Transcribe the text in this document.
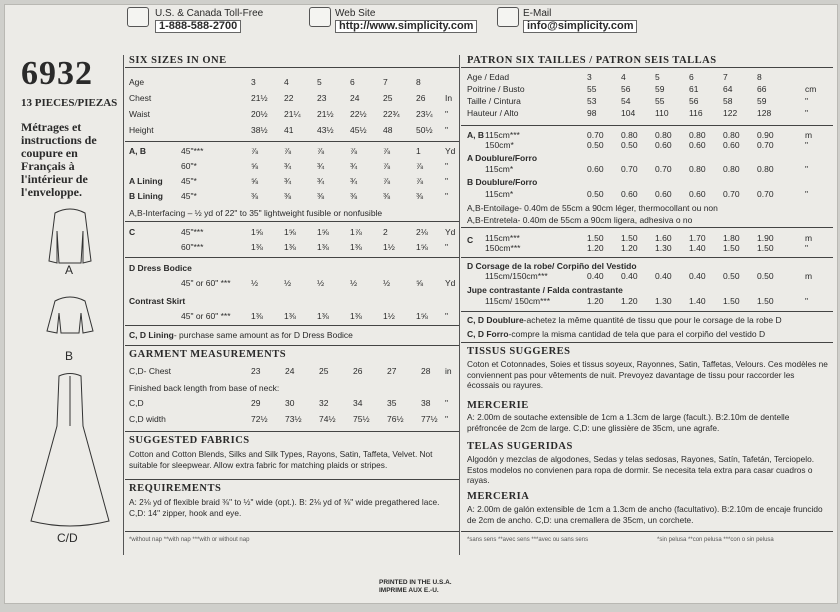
U.S. & Canada Toll-Free
1-888-588-2700
Web Site
http://www.simplicity.com
E-Mail
info@simplicity.com
6932
13 PIECES/PIEZAS
Métrages et instructions de coupure en Français à l'intérieur de l'enveloppe.
A
B
C/D
SIX SIZES IN ONE
A,B-Interfacing – ½ yd of 22" to 35" lightweight fusible or nonfusible
D Dress Bodice
Contrast Skirt
C, D Lining- purchase same amount as for D Dress Bodice
GARMENT MEASUREMENTS
Finished back length from base of neck:
SUGGESTED FABRICS
Cotton and Cotton Blends, Silks and Silk Types, Rayons, Satin, Taffeta, Velvet. Not suitable for sleepwear. Allow extra fabric for matching plaids or stripes.
REQUIREMENTS
A: 2⅛ yd of flexible braid ⅜" to ½" wide (opt.). B: 2⅛ yd of ⅜" wide pregathered lace. C,D: 14" zipper, hook and eye.
*without nap **with nap ***with or without nap
PATRON SIX TAILLES / PATRON SEIS TALLAS
A, B
A Doublure/Forro
B Doublure/Forro
A,B-Entoilage- 0.40m de 55cm a 90cm léger, thermocollant ou non
A,B-Entretela- 0.40m de 55cm a 90cm ligera, adhesiva o no
C
D Corsage de la robe/ Corpiño del Vestido
Jupe contrastante / Falda contrastante
C, D Doublure-achetez la même quantité de tissu que pour le corsage de la robe D
C, D Forro-compre la misma cantidad de tela que para el corpiño del vestido D
TISSUS SUGGERES
Coton et Cotonnades, Soies et tissus soyeux, Rayonnes, Satin, Taffetas, Velours. Ces modèles ne conviennent pas pour vêtements de nuit. Prevoyez davantage de tissu pour raccorder les écossais ou rayures.
MERCERIE
A: 2.00m de soutache extensible de 1cm a 1.3cm de large (facult.). B:2.10m de dentelle préfroncée de 2cm de large. C,D: une glissière de 35cm, une agrafe.
TELAS SUGERIDAS
Algodón y mezclas de algodones, Sedas y telas sedosas, Rayones, Satín, Tafetán, Terciopelo. Estos modelos no convienen para ropa de dormir. Se necesita tela extra para casar cuadros o rayas.
MERCERIA
A: 2.00m de galón extensible de 1cm a 1.3cm de ancho (facultativo). B:2.10m de encaje fruncido de 2cm de ancho. C,D: una cremallera de 35cm, un corchete.
*sans sens **avec sens ***avec ou sans sens	*sin pelusa **con pelusa ***con o sin pelusa
PRINTED IN THE U.S.A.
IMPRIME AUX E.-U.
Age	3	4	5	6	7	8
Chest	21½ 22	23	24	25	26 In
Waist	20½ 21¼ 21½ 22½ 22¾ 23¼ "
Height	38½ 41	43½ 45½ 48	50½ "
A, B	45"***	⅞	⅞	⅞	⅞	⅞	1	Yd
60"*	⅝	¾	¾	¾	⅞	⅞	"
A Lining 45"*	⅝	¾	¾	¾	⅞	⅞	"
B Lining 45"*	⅜	⅜	⅜	⅜	⅜	⅜	"
C	45"***	1⅝ 1⅝ 1⅝ 1⅞ 2	2⅛ Yd
60"***	1⅜ 1⅜ 1⅜ 1⅜ 1½ 1⅝ "
45" or 60" *** ½	½	½	½	½	⅝	Yd
45" or 60" *** 1⅜ 1⅜ 1⅜ 1⅜ 1½ 1⅝ "
C,D- Chest	23	24	25	26	27	28 in
C,D	29	30	32	34	35	38 "
C,D width	72½ 73½ 74½ 75½ 76½ 77½ "
Age / Edad	3	4	5	6	7	8
Poitrine / Busto	55	56	59	61	64	66	cm
Taille / Cintura	53	54	55	56	58	59	"
Hauteur / Alto	98	104 110 116 122 128	"
115cm***	0.70 0.80 0.80 0.80 0.80 0.90	m
150cm*	0.50 0.50 0.60 0.60 0.60 0.70	"
115cm*	0.60 0.70 0.70 0.80 0.80 0.80	"
115cm*	0.50 0.60 0.60 0.60 0.70 0.70	"
115cm***	1.50 1.50 1.60 1.70 1.80 1.90	m
150cm***	1.20 1.20 1.30 1.40 1.50 1.50	"
115cm/150cm***	0.40 0.40 0.40 0.40 0.50 0.50	m
115cm/ 150cm***	1.20 1.20 1.30 1.40 1.50 1.50	"
